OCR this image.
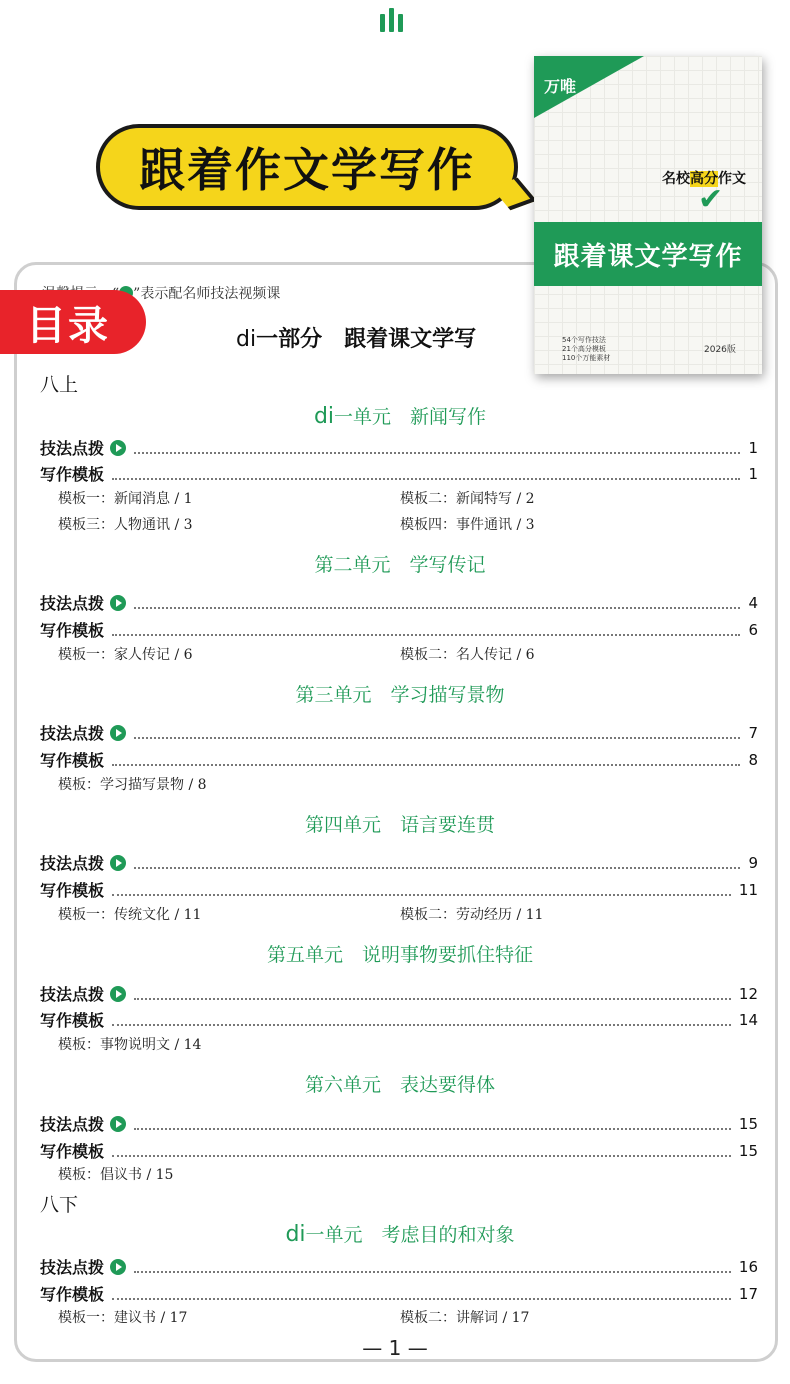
跟着作文学写作
”表示配名师技法视频课
目录	di一部分　跟着课文学写
万唯
名校高分作文
✔
跟着课文学写作
54个写作技法
21个高分模板
110个万能素材
2026版
八上
di一单元　新闻写作
技法点拨	1
写作模板	1
模板一：新闻消息 / 1	模板二：新闻特写 / 2
模板三：人物通讯 / 3	模板四：事件通讯 / 3
第二单元　学写传记
技法点拨	4
写作模板	6
模板一：家人传记 / 6	模板二：名人传记 / 6
第三单元　学习描写景物
技法点拨	7
写作模板	8
模板：学习描写景物 / 8
第四单元　语言要连贯
技法点拨	9
写作模板	11
模板一：传统文化 / 11	模板二：劳动经历 / 11
第五单元　说明事物要抓住特征
技法点拨	12
写作模板	14
模板：事物说明文 / 14
第六单元　表达要得体
技法点拨	15
写作模板	15
模板：倡议书 / 15
八下
di一单元　考虑目的和对象
技法点拨	16
写作模板	17
模板一：建议书 / 17	模板二：讲解词 / 17
— 1 —
